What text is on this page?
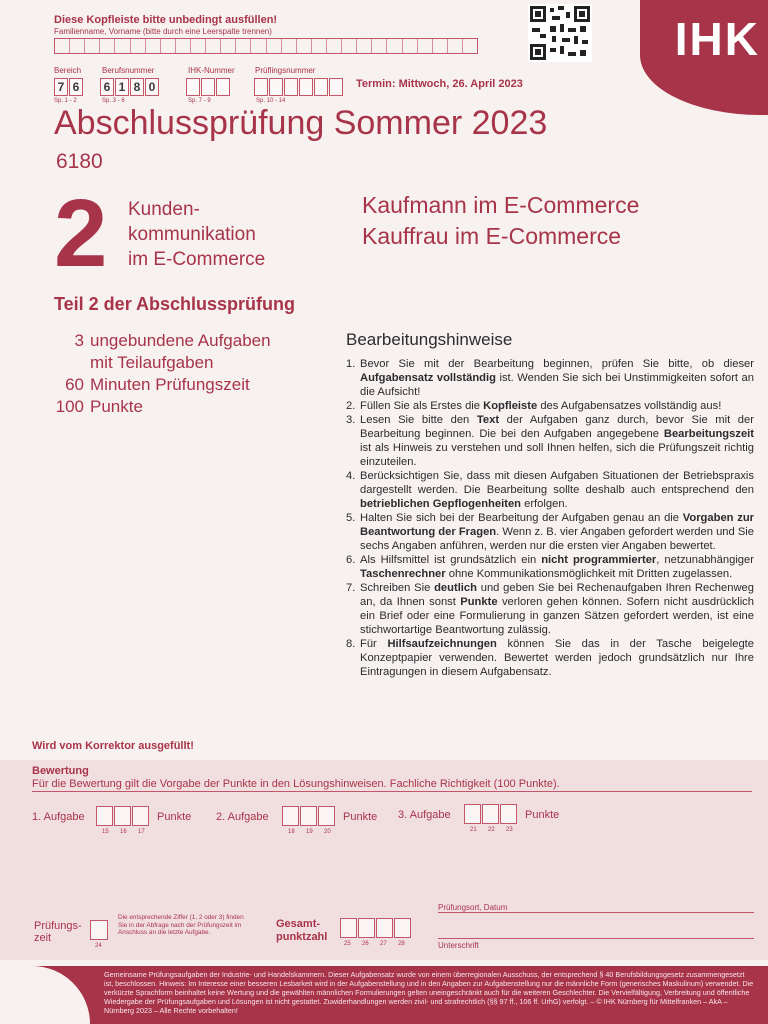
IHK
Diese Kopfleiste bitte unbedingt ausfüllen!
Familienname, Vorname (bitte durch eine Leerspalte trennen)
Bereich	Berufsnummer	IHK-Nummer	Prüflingsnummer
7 6	6 1 8 0
Sp. 1 - 2	Sp. 3 - 6	Sp. 7 - 9	Sp. 10 - 14
Termin: Mittwoch, 26. April 2023
Abschlussprüfung Sommer 2023
6180
2 Kunden-
kommunikation
im E-Commerce
Kaufmann im E-Commerce
Kauffrau im E-Commerce
Teil 2 der Abschlussprüfung
3 ungebundene Aufgaben
mit Teilaufgaben
60 Minuten Prüfungszeit
100 Punkte
Bearbeitungshinweise
1. Bevor Sie mit der Bearbeitung beginnen, prüfen Sie bitte, ob dieser Aufgabensatz vollständig ist. Wenden Sie sich bei Unstimmigkeiten sofort an die Aufsicht!
2. Füllen Sie als Erstes die Kopfleiste des Aufgabensatzes vollständig aus!
3. Lesen Sie bitte den Text der Aufgaben ganz durch, bevor Sie mit der Bearbeitung beginnen. Die bei den Aufgaben angegebene Bearbeitungszeit ist als Hinweis zu verstehen und soll Ihnen helfen, sich die Prüfungszeit richtig einzuteilen.
4. Berücksichtigen Sie, dass mit diesen Aufgaben Situationen der Betriebspraxis dargestellt werden. Die Bearbeitung sollte deshalb auch entsprechend den betrieblichen Gepflogenheiten erfolgen.
5. Halten Sie sich bei der Bearbeitung der Aufgaben genau an die Vorgaben zur Beantwortung der Fragen. Wenn z. B. vier Angaben gefordert werden und Sie sechs Angaben anführen, werden nur die ersten vier Angaben bewertet.
6. Als Hilfsmittel ist grundsätzlich ein nicht programmierter, netzunabhängiger Taschenrechner ohne Kommunikationsmöglichkeit mit Dritten zugelassen.
7. Schreiben Sie deutlich und geben Sie bei Rechenaufgaben Ihren Rechenweg an, da Ihnen sonst Punkte verloren gehen können. Sofern nicht ausdrücklich ein Brief oder eine Formulierung in ganzen Sätzen gefordert werden, ist eine stichwortartige Beantwortung zulässig.
8. Für Hilfsaufzeichnungen können Sie das in der Tasche beigelegte Konzeptpapier verwenden. Bewertet werden jedoch grundsätzlich nur Ihre Eintragungen in diesem Aufgabensatz.
Wird vom Korrektor ausgefüllt!
Bewertung
Für die Bewertung gilt die Vorgabe der Punkte in den Lösungshinweisen. Fachliche Richtigkeit (100 Punkte).
1. Aufgabe	Punkte
15 16 17
2. Aufgabe	Punkte
18 19 20
3. Aufgabe	Punkte
21 22 23
Prüfungs-
zeit
24
Die entsprechende Ziffer (1, 2 oder 3) finden Sie in der Abfrage nach der Prüfungszeit im Anschluss an die letzte Aufgabe.
Gesamt-
punktzahl
25 26 27 28
Prüfungsort, Datum
Unterschrift
Gemeinsame Prüfungsaufgaben der Industrie- und Handelskammern. Dieser Aufgabensatz wurde von einem überregionalen Ausschuss, der entsprechend § 40 Berufsbildungsgesetz zusammengesetzt ist, beschlossen. Hinweis: Im Interesse einer besseren Lesbarkeit wird in der Aufgabenstellung und in den Angaben zur Aufgabenstellung nur die männliche Form (generisches Maskulinum) verwendet. Die verkürzte Sprachform beinhaltet keine Wertung und die gewählten männlichen Formulierungen gelten uneingeschränkt auch für die weiteren Geschlechter. Die Vervielfältigung, Verbreitung und öffentliche Wiedergabe der Prüfungsaufgaben und Lösungen ist nicht gestattet. Zuwiderhandlungen werden zivil- und strafrechtlich (§§ 97 ff., 106 ff. UrhG) verfolgt. – © IHK Nürnberg für Mittelfranken – AkA – Nürnberg 2023 – Alle Rechte vorbehalten!
